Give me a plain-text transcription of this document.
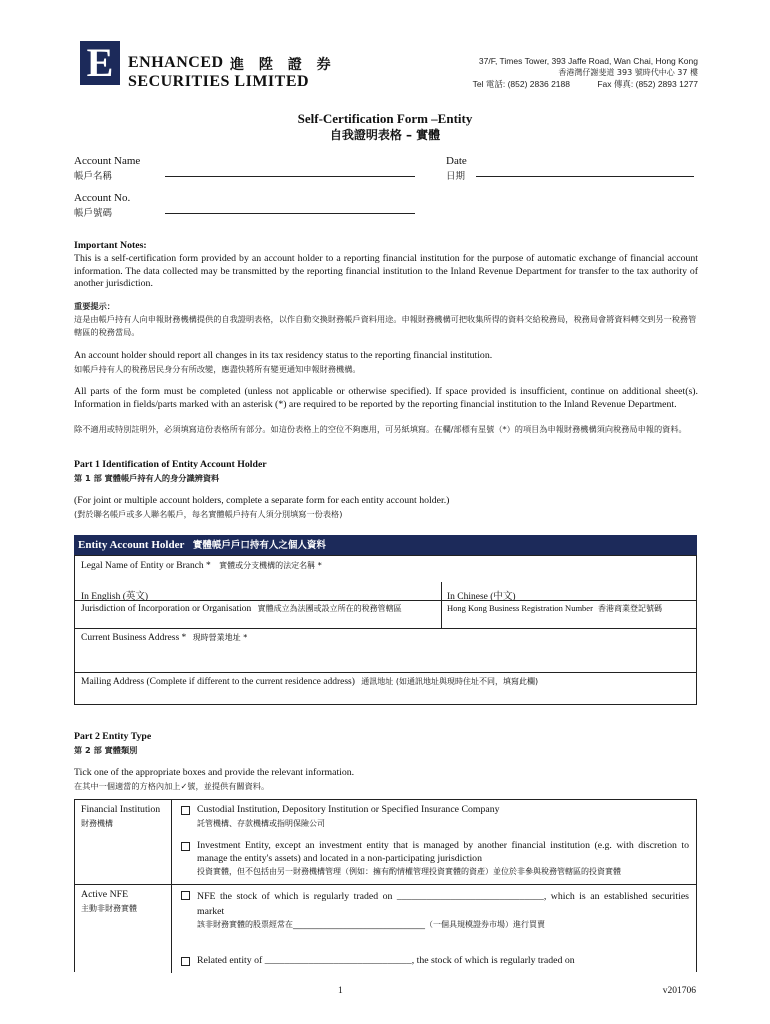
E ENHANCED 進 陞 證 券
SECURITIES LIMITED
37/F, Times Tower, 393 Jaffe Road, Wan Chai, Hong Kong
香港灣仔謝斐道 393 號時代中心 37 樓
Tel 電話: (852) 2836 2188	Fax 傳真: (852) 2893 1277
Self-Certification Form –Entity
自我證明表格 – 實體
Account Name
帳戶名稱
Date
日期
Account No.
帳戶號碼
Important Notes:
This is a self-certification form provided by an account holder to a reporting financial institution for the purpose of automatic exchange of financial account information. The data collected may be transmitted by the reporting financial institution to the Inland Revenue Department for transfer to the tax authority of another jurisdiction.
重要提示：
這是由帳戶持有人向申報財務機構提供的自我證明表格，以作自動交換財務帳戶資料用途。申報財務機構可把收集所得的資料交給稅務局，稅務局會將資料轉交到另一稅務管轄區的稅務當局。
An account holder should report all changes in its tax residency status to the reporting financial institution.
如帳戶持有人的稅務居民身分有所改變，應盡快將所有變更通知申報財務機構。
All parts of the form must be completed (unless not applicable or otherwise specified). If space provided is insufficient, continue on additional sheet(s). Information in fields/parts marked with an asterisk (*) are required to be reported by the reporting financial institution to the Inland Revenue Department.
除不適用或特別註明外，必須填寫這份表格所有部分。如這份表格上的空位不夠應用，可另紙填寫。在欄/部標有星號（*）的項目為申報財務機構須向稅務局申報的資料。
Part 1 Identification of Entity Account Holder
第 1 部 實體帳戶持有人的身分識辨資料
(For joint or multiple account holders, complete a separate form for each entity account holder.)
(對於聯名帳戶或多人聯名帳戶，每名實體帳戶持有人須分別填寫一份表格)
Entity Account Holder 實體帳戶戶口持有人之個人資料
Legal Name of Entity or Branch * 實體或分支機構的法定名稱 *
In English (英文)	In Chinese (中文)
Jurisdiction of Incorporation or Organisation 實體成立為法團或設立所在的稅務管轄區	Hong Kong Business Registration Number 香港商業登記號碼
Current Business Address * 現時營業地址 *
Mailing Address (Complete if different to the current residence address) 通訊地址 (如通訊地址與現時住址不同，填寫此欄)
Part 2 Entity Type
第 2 部 實體類別
Tick one of the appropriate boxes and provide the relevant information.
在其中一個適當的方格內加上✓號，並提供有關資料。
Financial Institution
財務機構
Custodial Institution, Depository Institution or Specified Insurance Company
託管機構、存款機構或指明保險公司
Investment Entity, except an investment entity that is managed by another financial institution (e.g. with discretion to manage the entity's assets) and located in a non-participating jurisdiction
投資實體，但不包括由另一財務機構管理（例如：擁有酌情權管理投資實體的資產）並位於非參與稅務管轄區的投資實體
Active NFE
主動非財務實體
NFE the stock of which is regularly traded on ______________________________, which is an established securities market
該非財務實體的股票經常在_________________________________（一個具規模證券市場）進行買賣
Related entity of ______________________________, the stock of which is regularly traded on
1	v201706
